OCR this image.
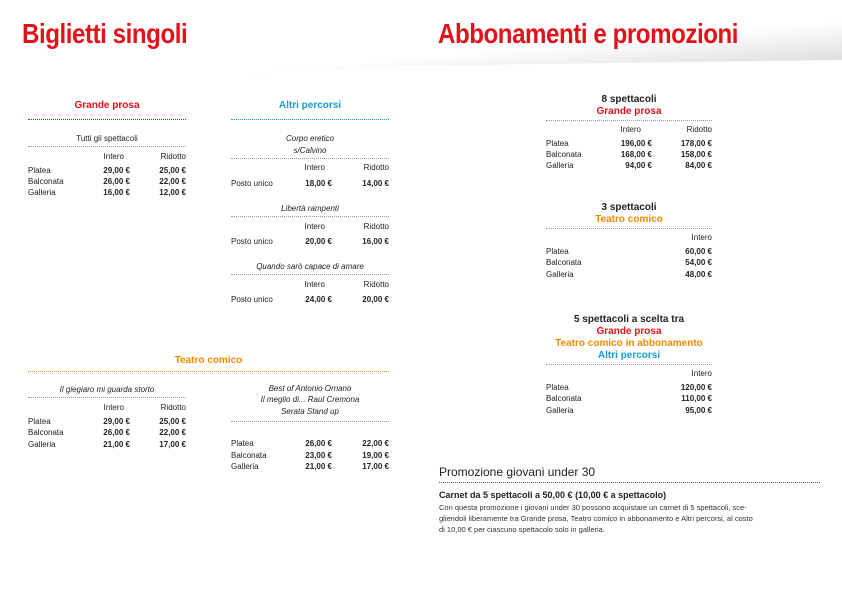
Biglietti singoli	Abbonamenti e promozioni
Grande prosa
Tutti gli spettacoli
Intero	Ridotto
Platea	29,00 €	25,00 €
Balconata	26,00 €	22,00 €
Galleria	16,00 €	12,00 €
Altri percorsi
Corpo eretico
s/Calvino
Intero	Ridotto
Posto unico	18,00 €	14,00 €
Libertà rampenti
Intero	Ridotto
Posto unico	20,00 €	16,00 €
Quando sarò capace di amare
Intero	Ridotto
Posto unico	24,00 €	20,00 €
Teatro comico
Il giegiaro mi guarda storto
Intero	Ridotto
Platea	29,00 €	25,00 €
Balconata	26,00 €	22,00 €
Galleria	21,00 €	17,00 €
Best of Antonio Ornano
Il meglio di... Raul Cremona
Serata Stand up
Platea	26,00 €	22,00 €
Balconata	23,00 €	19,00 €
Galleria	21,00 €	17,00 €
8 spettacoli
Grande prosa
Intero	Ridotto
Platea	196,00 €	178,00 €
Balconata	168,00 €	158,00 €
Galleria	94,00 €	84,00 €
3 spettacoli
Teatro comico
Intero
Platea	60,00 €
Balconata	54,00 €
Galleria	48,00 €
5 spettacoli a scelta tra
Grande prosa
Teatro comico in abbonamento
Altri percorsi
Intero
Platea	120,00 €
Balconata	110,00 €
Galleria	95,00 €
Promozione giovani under 30
Carnet da 5 spettacoli a 50,00 € (10,00 € a spettacolo)
Con questa promozione i giovani under 30 possono acquistare un carnet di 5 spettacoli, sce-
gliendoli liberamente tra Grande prosa, Teatro comico in abbonamento e Altri percorsi, al costo
di 10,00 € per ciascuno spettacolo solo in galleria.
